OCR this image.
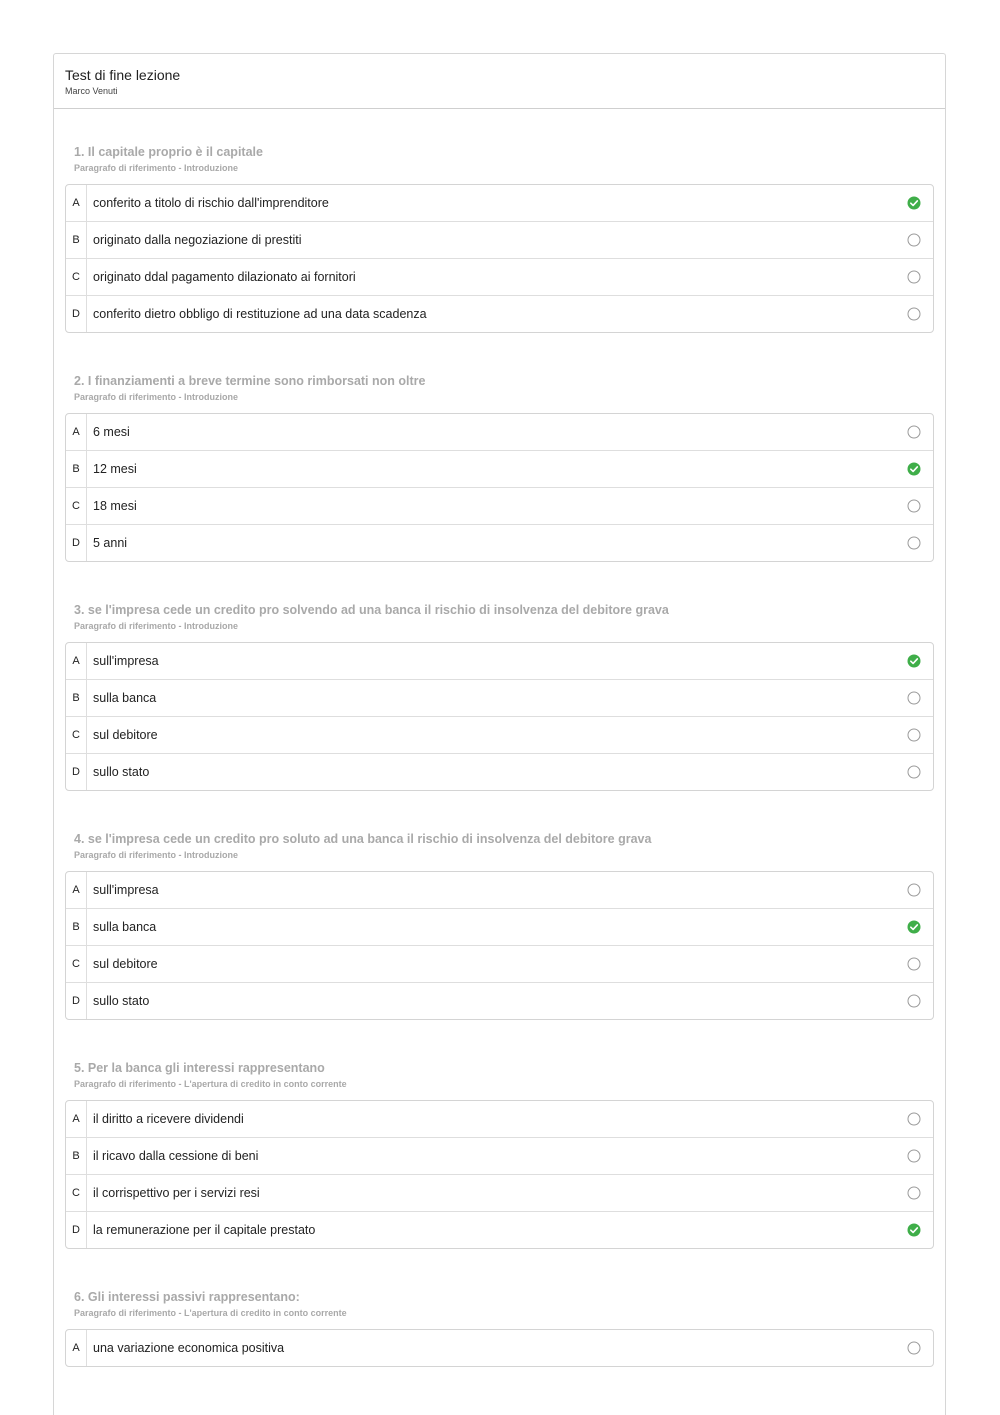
Test di fine lezione
Marco Venuti
1. Il capitale proprio è il capitale
Paragrafo di riferimento - Introduzione
A	conferito a titolo di rischio dall'imprenditore
B	originato dalla negoziazione di prestiti
C	originato ddal pagamento dilazionato ai fornitori
D	conferito dietro obbligo di restituzione ad una data scadenza
2. I finanziamenti a breve termine sono rimborsati non oltre
Paragrafo di riferimento - Introduzione
A	6 mesi
B	12 mesi
C	18 mesi
D	5 anni
3. se l'impresa cede un credito pro solvendo ad una banca il rischio di insolvenza del debitore grava
Paragrafo di riferimento - Introduzione
A	sull'impresa
B	sulla banca
C	sul debitore
D	sullo stato
4. se l'impresa cede un credito pro soluto ad una banca il rischio di insolvenza del debitore grava
Paragrafo di riferimento - Introduzione
A	sull'impresa
B	sulla banca
C	sul debitore
D	sullo stato
5. Per la banca gli interessi rappresentano
Paragrafo di riferimento - L'apertura di credito in conto corrente
A	il diritto a ricevere dividendi
B	il ricavo dalla cessione di beni
C	il corrispettivo per i servizi resi
D	la remunerazione per il capitale prestato
6. Gli interessi passivi rappresentano:
Paragrafo di riferimento - L'apertura di credito in conto corrente
A	una variazione economica positiva
